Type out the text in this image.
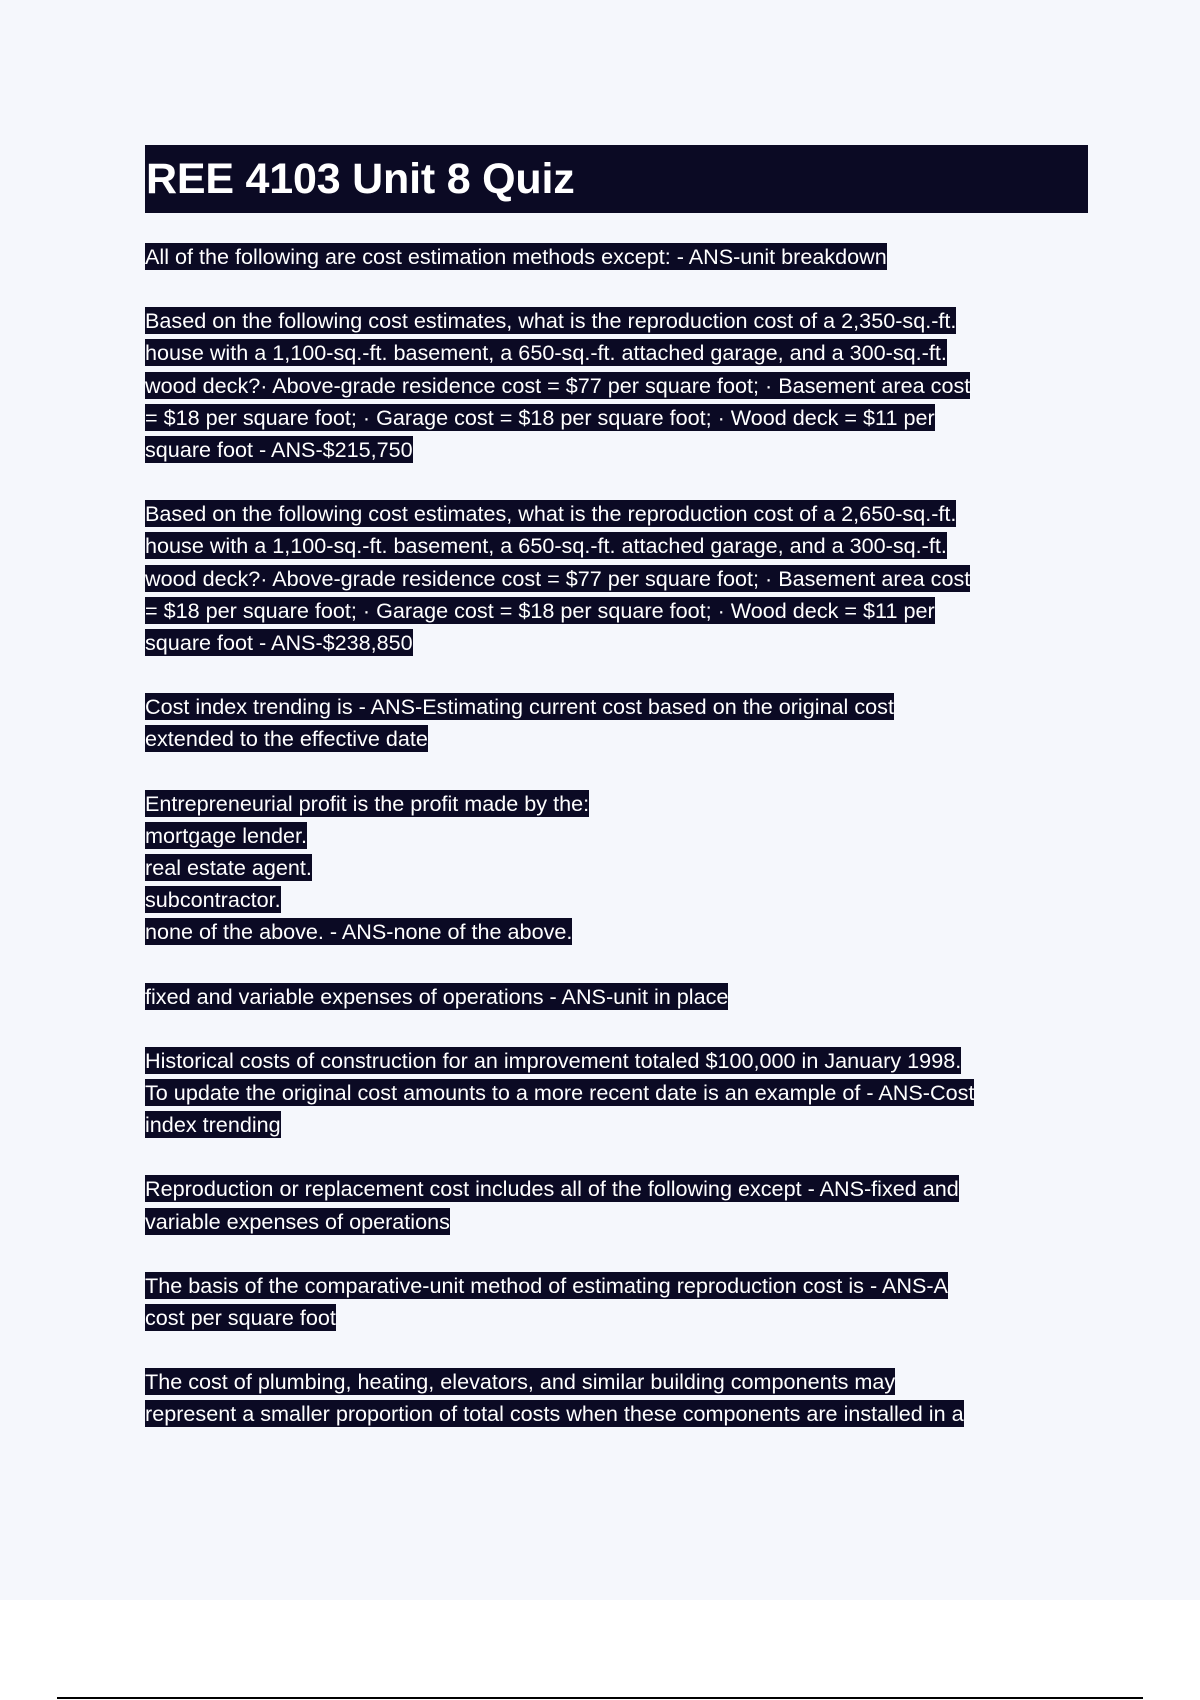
REE 4103 Unit 8 Quiz

All of the following are cost estimation methods except: - ANS-unit breakdown

Based on the following cost estimates, what is the reproduction cost of a 2,350-sq.-ft.
house with a 1,100-sq.-ft. basement, a 650-sq.-ft. attached garage, and a 300-sq.-ft.
wood deck?· Above-grade residence cost = $77 per square foot; · Basement area cost
= $18 per square foot; · Garage cost = $18 per square foot; · Wood deck = $11 per
square foot - ANS-$215,750

Based on the following cost estimates, what is the reproduction cost of a 2,650-sq.-ft.
house with a 1,100-sq.-ft. basement, a 650-sq.-ft. attached garage, and a 300-sq.-ft.
wood deck?· Above-grade residence cost = $77 per square foot; · Basement area cost
= $18 per square foot; · Garage cost = $18 per square foot; · Wood deck = $11 per
square foot - ANS-$238,850

Cost index trending is - ANS-Estimating current cost based on the original cost
extended to the effective date

Entrepreneurial profit is the profit made by the:
mortgage lender.
real estate agent.
subcontractor.
none of the above. - ANS-none of the above.

fixed and variable expenses of operations - ANS-unit in place

Historical costs of construction for an improvement totaled $100,000 in January 1998.
To update the original cost amounts to a more recent date is an example of - ANS-Cost
index trending

Reproduction or replacement cost includes all of the following except - ANS-fixed and
variable expenses of operations

The basis of the comparative-unit method of estimating reproduction cost is - ANS-A
cost per square foot

The cost of plumbing, heating, elevators, and similar building components may
represent a smaller proportion of total costs when these components are installed in a
